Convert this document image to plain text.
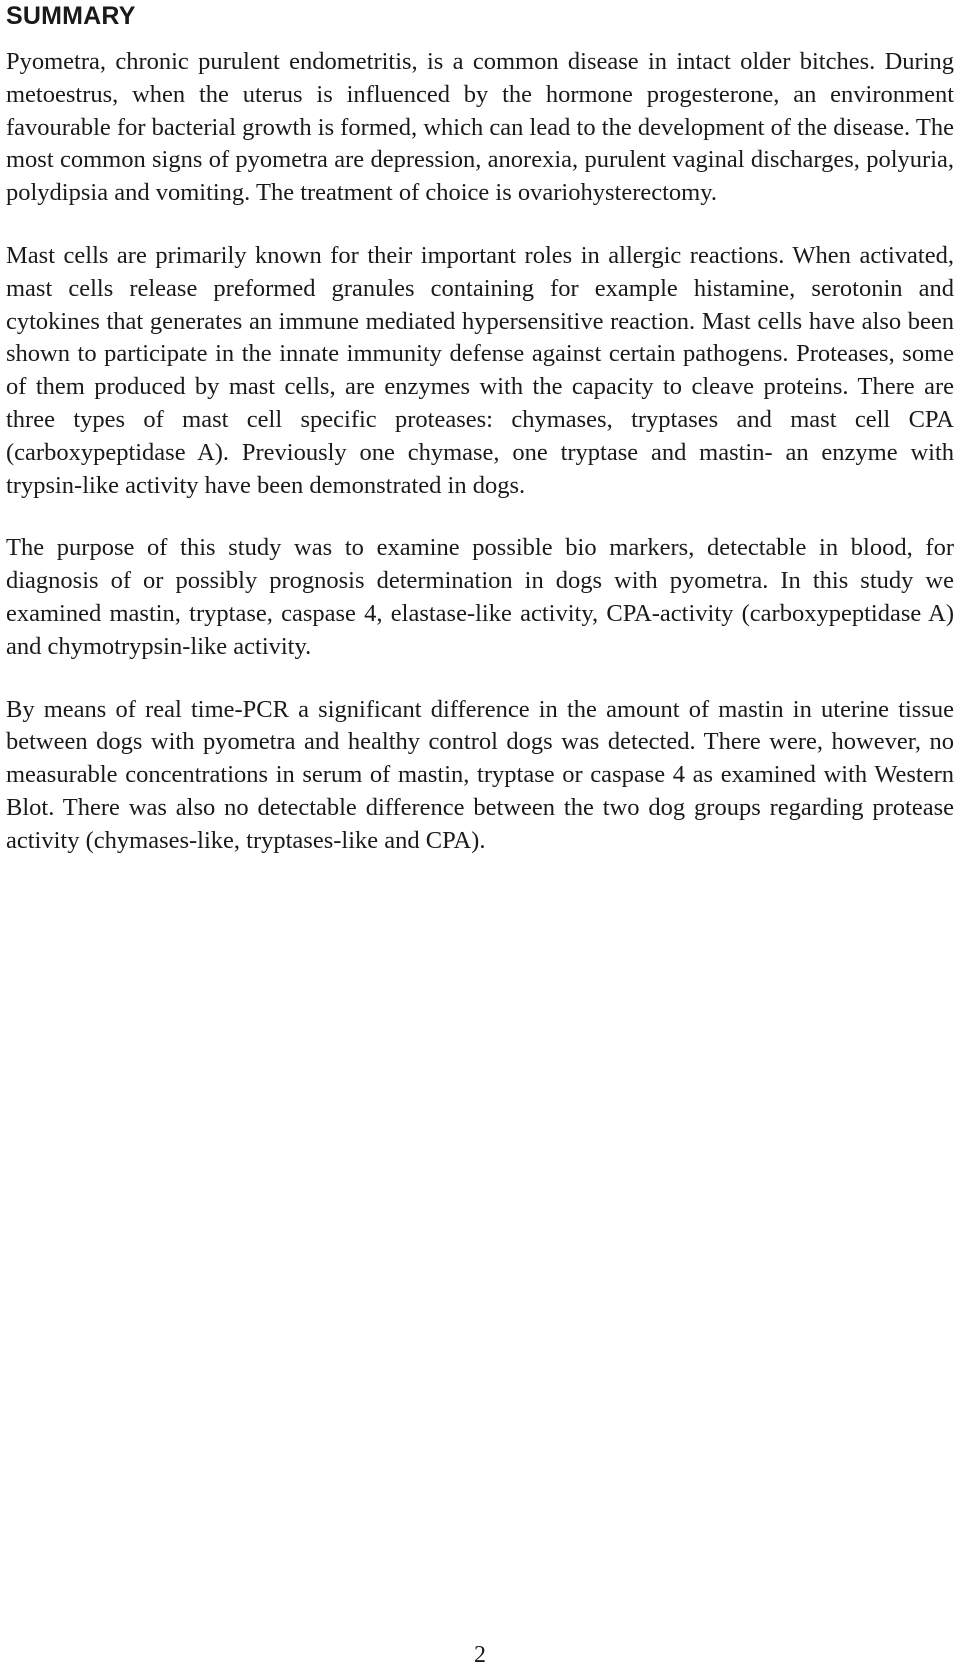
SUMMARY

Pyometra, chronic purulent endometritis, is a common disease in intact older bitches. During metoestrus, when the uterus is influenced by the hormone progesterone, an environment favourable for bacterial growth is formed, which can lead to the development of the disease. The most common signs of pyometra are depression, anorexia, purulent vaginal discharges, polyuria, polydipsia and vomiting. The treatment of choice is ovariohysterectomy.

Mast cells are primarily known for their important roles in allergic reactions. When activated, mast cells release preformed granules containing for example histamine, serotonin and cytokines that generates an immune mediated hypersensitive reaction. Mast cells have also been shown to participate in the innate immunity defense against certain pathogens. Proteases, some of them produced by mast cells, are enzymes with the capacity to cleave proteins. There are three types of mast cell specific proteases: chymases, tryptases and mast cell CPA (carboxypeptidase A). Previously one chymase, one tryptase and mastin- an enzyme with trypsin-like activity have been demonstrated in dogs.

The purpose of this study was to examine possible bio markers, detectable in blood, for diagnosis of or possibly prognosis determination in dogs with pyometra. In this study we examined mastin, tryptase, caspase 4, elastase-like activity, CPA-activity (carboxypeptidase A) and chymotrypsin-like activity.

By means of real time-PCR a significant difference in the amount of mastin in uterine tissue between dogs with pyometra and healthy control dogs was detected. There were, however, no measurable concentrations in serum of mastin, tryptase or caspase 4 as examined with Western Blot. There was also no detectable difference between the two dog groups regarding protease activity (chymases-like, tryptases-like and CPA).

2
